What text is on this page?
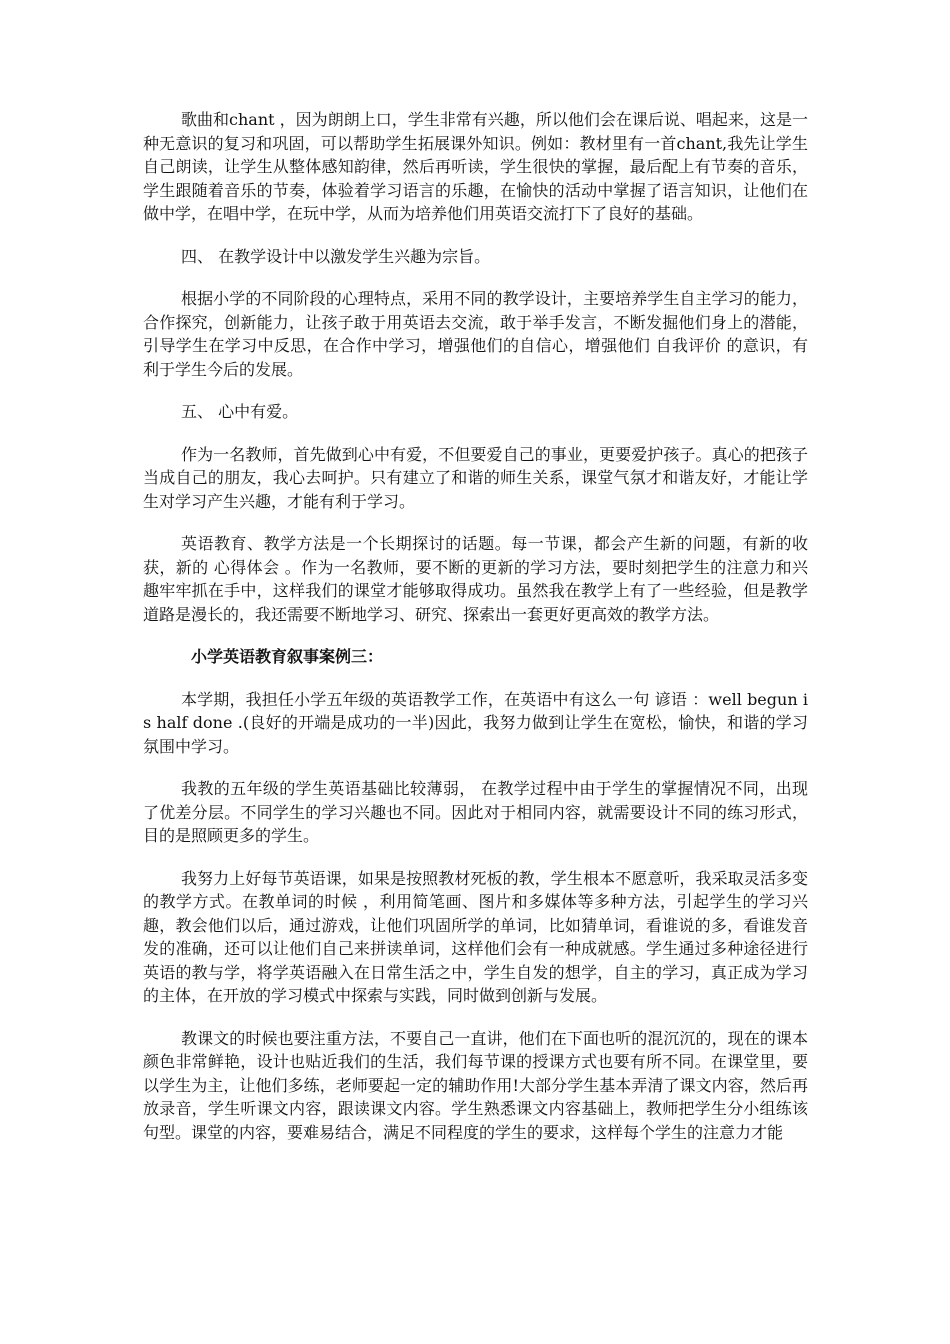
歌曲和chant ，因为朗朗上口，学生非常有兴趣，所以他们会在课后说、唱起来，这是一种无意识的复习和巩固，可以帮助学生拓展课外知识。例如：教材里有一首chant,我先让学生自己朗读，让学生从整体感知韵律，然后再听读，学生很快的掌握，最后配上有节奏的音乐，学生跟随着音乐的节奏，体验着学习语言的乐趣，在愉快的活动中掌握了语言知识，让他们在做中学，在唱中学，在玩中学，从而为培养他们用英语交流打下了良好的基础。

四、 在教学设计中以激发学生兴趣为宗旨。

根据小学的不同阶段的心理特点，采用不同的教学设计，主要培养学生自主学习的能力，合作探究，创新能力，让孩子敢于用英语去交流，敢于举手发言，不断发掘他们身上的潜能，引导学生在学习中反思，在合作中学习，增强他们的自信心，增强他们 自我评价 的意识，有利于学生今后的发展。

五、 心中有爱。

作为一名教师，首先做到心中有爱，不但要爱自己的事业，更要爱护孩子。真心的把孩子当成自己的朋友，我心去呵护。只有建立了和谐的师生关系，课堂气氛才和谐友好，才能让学生对学习产生兴趣，才能有利于学习。

英语教育、教学方法是一个长期探讨的话题。每一节课，都会产生新的问题，有新的收获，新的 心得体会 。作为一名教师，要不断的更新的学习方法，要时刻把学生的注意力和兴趣牢牢抓在手中，这样我们的课堂才能够取得成功。虽然我在教学上有了一些经验，但是教学道路是漫长的，我还需要不断地学习、研究、探索出一套更好更高效的教学方法。

小学英语教育叙事案例三：

本学期，我担任小学五年级的英语教学工作，在英语中有这么一句 谚语 ：well begun is half done .(良好的开端是成功的一半)因此，我努力做到让学生在宽松，愉快，和谐的学习氛围中学习。

我教的五年级的学生英语基础比较薄弱， 在教学过程中由于学生的掌握情况不同，出现了优差分层。不同学生的学习兴趣也不同。因此对于相同内容，就需要设计不同的练习形式，目的是照顾更多的学生。

我努力上好每节英语课，如果是按照教材死板的教，学生根本不愿意听，我采取灵活多变的教学方式。在教单词的时候 ，利用简笔画、图片和多媒体等多种方法，引起学生的学习兴趣，教会他们以后，通过游戏，让他们巩固所学的单词，比如猜单词，看谁说的多，看谁发音发的准确，还可以让他们自己来拼读单词，这样他们会有一种成就感。学生通过多种途径进行英语的教与学，将学英语融入在日常生活之中，学生自发的想学，自主的学习，真正成为学习的主体，在开放的学习模式中探索与实践，同时做到创新与发展。

教课文的时候也要注重方法，不要自己一直讲，他们在下面也听的混沉沉的，现在的课本颜色非常鲜艳，设计也贴近我们的生活，我们每节课的授课方式也要有所不同。在课堂里，要以学生为主，让他们多练，老师要起一定的辅助作用!大部分学生基本弄清了课文内容，然后再放录音，学生听课文内容，跟读课文内容。学生熟悉课文内容基础上，教师把学生分小组练该句型。课堂的内容，要难易结合，满足不同程度的学生的要求，这样每个学生的注意力才能
